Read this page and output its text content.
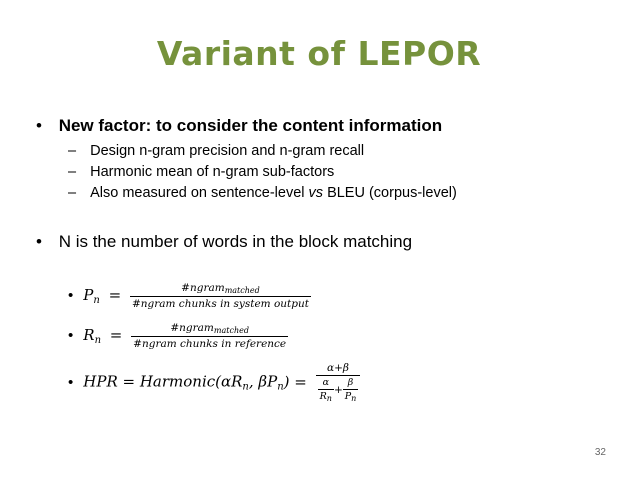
Variant of LEPOR
• New factor: to consider the content information
– Design n-gram precision and n-gram recall
– Harmonic mean of n-gram sub-factors
– Also measured on sentence-level vs BLEU (corpus-level)
• N is the number of words in the block matching
• $P_n = \frac{\text{\#ngrammatched}}{\text{\#ngram chunks in system output}}$
• $R_n = \frac{\text{\#ngrammatched}}{\text{\#ngram chunks in reference}}$
• HPR = $Harmonic(\alpha R_n$, $\beta P_n) = \frac{\alpha+\beta}{\frac{\alpha}{R_n} + \frac{\beta}{P_n}}$
32
